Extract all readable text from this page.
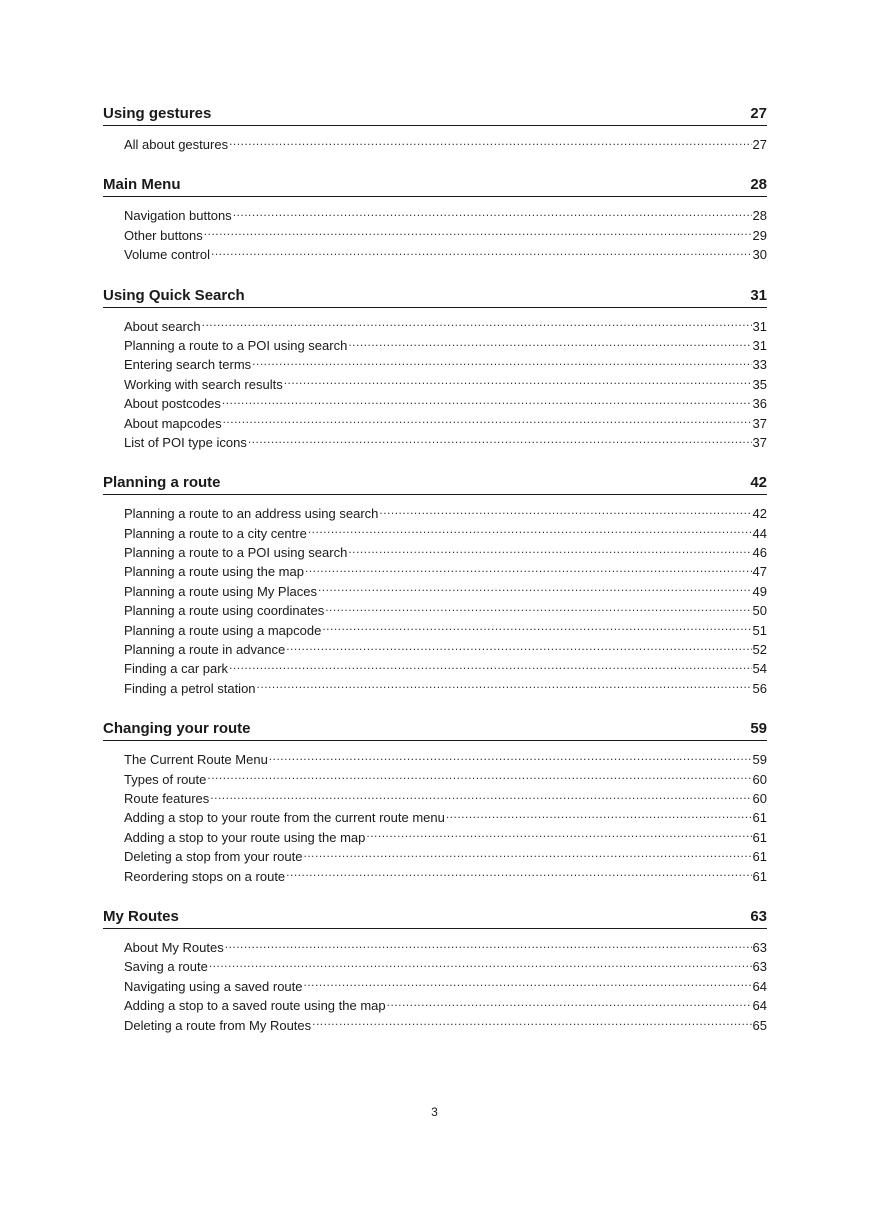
Using gestures	27
All about gestures .....	27
Main Menu	28
Navigation buttons .....	28
Other buttons .....	29
Volume control .....	30
Using Quick Search	31
About search .....	31
Planning a route to a POI using search .....	31
Entering search terms .....	33
Working with search results .....	35
About postcodes .....	36
About mapcodes .....	37
List of POI type icons .....	37
Planning a route	42
Planning a route to an address using search .....	42
Planning a route to a city centre .....	44
Planning a route to a POI using search .....	46
Planning a route using the map .....	47
Planning a route using My Places .....	49
Planning a route using coordinates .....	50
Planning a route using a mapcode .....	51
Planning a route in advance .....	52
Finding a car park .....	54
Finding a petrol station .....	56
Changing your route	59
The Current Route Menu .....	59
Types of route .....	60
Route features .....	60
Adding a stop to your route from the current route menu .....	61
Adding a stop to your route using the map .....	61
Deleting a stop from your route .....	61
Reordering stops on a route .....	61
My Routes	63
About My Routes .....	63
Saving a route .....	63
Navigating using a saved route .....	64
Adding a stop to a saved route using the map .....	64
Deleting a route from My Routes .....	65
3
